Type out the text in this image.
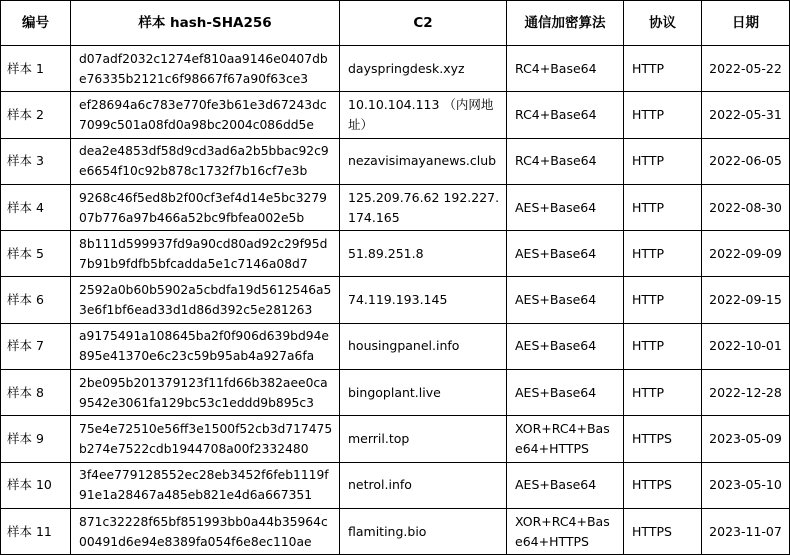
编号	样本 hash-SHA256	C2	通信加密算法	协议	日期
样本 1	d07adf2032c1274ef810aa9146e0407dbe76335b2121c6f98667f67a90f63ce3	dayspringdesk.xyz	RC4+Base64	HTTP	2022-05-22
样本 2	ef28694a6c783e770fe3b61e3d67243dc7099c501a08fd0a98bc2004c086dd5e	10.10.104.113 （内网地址）	RC4+Base64	HTTP	2022-05-31
样本 3	dea2e4853df58d9cd3ad6a2b5bbac92c9e6654f10c92b878c1732f7b16cf7e3b	nezavisimayanews.club	RC4+Base64	HTTP	2022-06-05
样本 4	9268c46f5ed8b2f00cf3ef4d14e5bc327907b776a97b466a52bc9fbfea002e5b	125.209.76.62 192.227.174.165	AES+Base64	HTTP	2022-08-30
样本 5	8b111d599937fd9a90cd80ad92c29f95d7b91b9fdfb5bfcadda5e1c7146a08d7	51.89.251.8	AES+Base64	HTTP	2022-09-09
样本 6	2592a0b60b5902a5cbdfa19d5612546a53e6f1bf6ead33d1d86d392c5e281263	74.119.193.145	AES+Base64	HTTP	2022-09-15
样本 7	a9175491a108645ba2f0f906d639bd94e895e41370e6c23c59b95ab4a927a6fa	housingpanel.info	AES+Base64	HTTP	2022-10-01
样本 8	2be095b201379123f11fd66b382aee0ca9542e3061fa129bc53c1eddd9b895c3	bingoplant.live	AES+Base64	HTTP	2022-12-28
样本 9	75e4e72510e56ff3e1500f52cb3d717475b274e7522cdb1944708a00f2332480	merril.top	XOR+RC4+Base64+HTTPS	HTTPS	2023-05-09
样本 10	3f4ee779128552ec28eb3452f6feb1119f91e1a28467a485eb821e4d6a667351	netrol.info	AES+Base64	HTTPS	2023-05-10
样本 11	871c32228f65bf851993bb0a44b35964c00491d6e94e8389fa054f6e8ec110ae	flamiting.bio	XOR+RC4+Base64+HTTPS	HTTPS	2023-11-07
